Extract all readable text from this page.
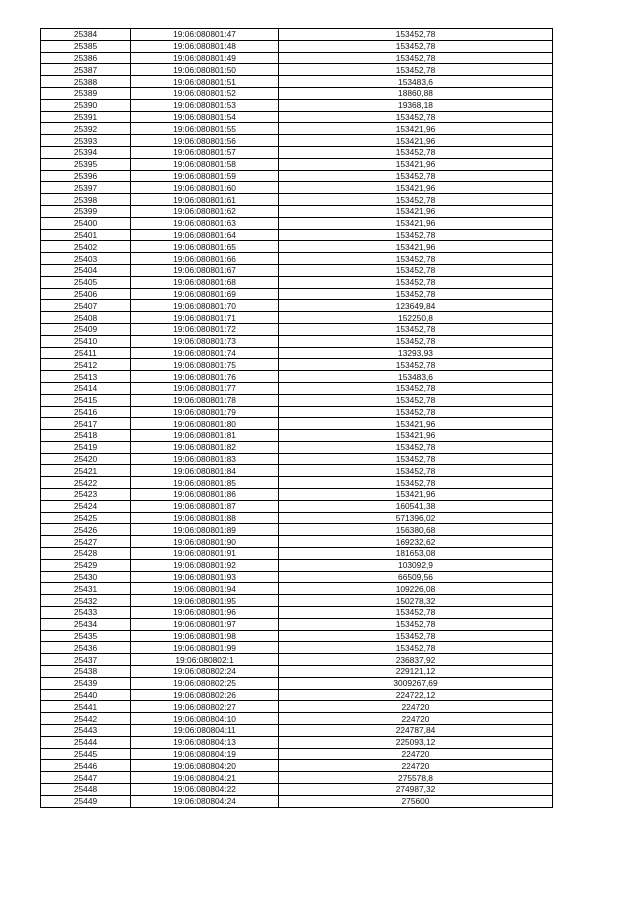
25384	19:06:080801:47	153452,78
25385	19:06:080801:48	153452,78
25386	19:06:080801:49	153452,78
25387	19:06:080801:50	153452,78
25388	19:06:080801:51	153483,6
25389	19:06:080801:52	18860,88
25390	19:06:080801:53	19368,18
25391	19:06:080801:54	153452,78
25392	19:06:080801:55	153421,96
25393	19:06:080801:56	153421,96
25394	19:06:080801:57	153452,78
25395	19:06:080801:58	153421,96
25396	19:06:080801:59	153452,78
25397	19:06:080801:60	153421,96
25398	19:06:080801:61	153452,78
25399	19:06:080801:62	153421,96
25400	19:06:080801:63	153421,96
25401	19:06:080801:64	153452,78
25402	19:06:080801:65	153421,96
25403	19:06:080801:66	153452,78
25404	19:06:080801:67	153452,78
25405	19:06:080801:68	153452,78
25406	19:06:080801:69	153452,78
25407	19:06:080801:70	123649,84
25408	19:06:080801:71	152250,8
25409	19:06:080801:72	153452,78
25410	19:06:080801:73	153452,78
25411	19:06:080801:74	13293,93
25412	19:06:080801:75	153452,78
25413	19:06:080801:76	153483,6
25414	19:06:080801:77	153452,78
25415	19:06:080801:78	153452,78
25416	19:06:080801:79	153452,78
25417	19:06:080801:80	153421,96
25418	19:06:080801:81	153421,96
25419	19:06:080801:82	153452,78
25420	19:06:080801:83	153452,78
25421	19:06:080801:84	153452,78
25422	19:06:080801:85	153452,78
25423	19:06:080801:86	153421,96
25424	19:06:080801:87	160541,38
25425	19:06:080801:88	571396,02
25426	19:06:080801:89	156380,68
25427	19:06:080801:90	169232,62
25428	19:06:080801:91	181653,08
25429	19:06:080801:92	103092,9
25430	19:06:080801:93	66509,56
25431	19:06:080801:94	109226,08
25432	19:06:080801:95	150278,32
25433	19:06:080801:96	153452,78
25434	19:06:080801:97	153452,78
25435	19:06:080801:98	153452,78
25436	19:06:080801:99	153452,78
25437	19:06:080802:1	236837,92
25438	19:06:080802:24	229121,12
25439	19:06:080802:25	3009267,69
25440	19:06:080802:26	224722,12
25441	19:06:080802:27	224720
25442	19:06:080804:10	224720
25443	19:06:080804:11	224787,84
25444	19:06:080804:13	225093,12
25445	19:06:080804:19	224720
25446	19:06:080804:20	224720
25447	19:06:080804:21	275578,8
25448	19:06:080804:22	274987,32
25449	19:06:080804:24	275600
